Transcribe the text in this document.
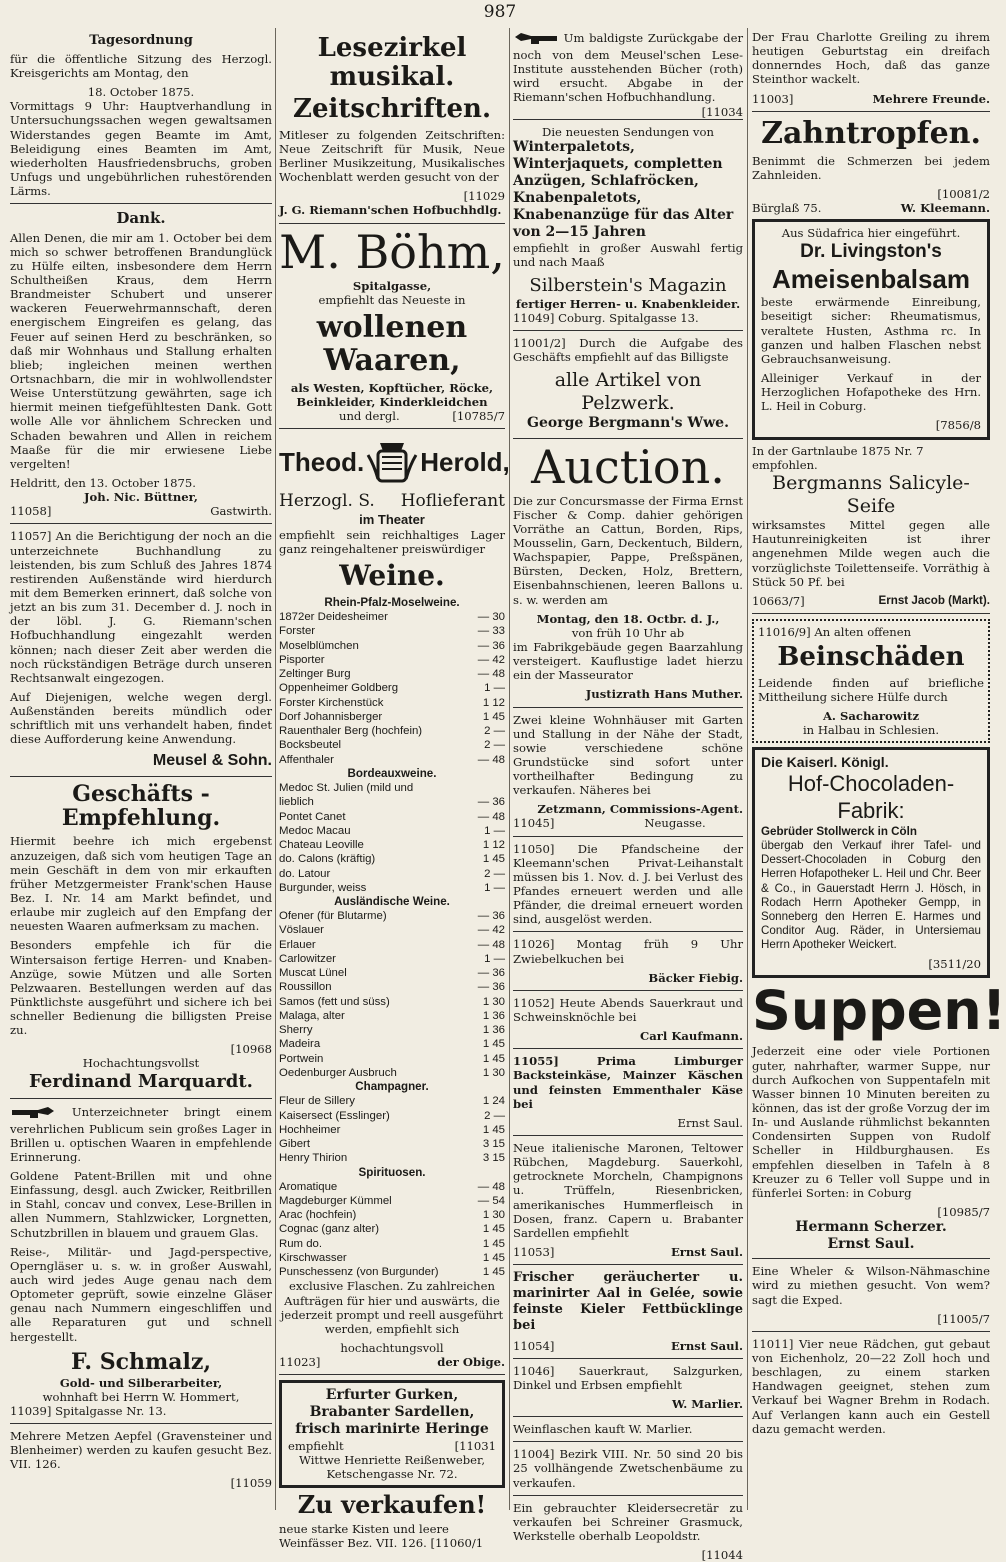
987
Tagesordnung

für die öffentliche Sitzung des Herzogl. Kreisgerichts am Montag, den

18. October 1875.

Vormittags 9 Uhr: Hauptverhandlung in Untersuchungssachen wegen gewaltsamen Widerstandes gegen Beamte im Amt, Beleidigung eines Beamten im Amt, wiederholten Hausfriedensbruchs, groben Unfugs und ungebührlichen ruhestörenden Lärms.

Dank.

Allen Denen, die mir am 1. October bei dem mich so schwer betroffenen Brandunglück zu Hülfe eilten, insbesondere dem Herrn Schultheißen Kraus, dem Herrn Brandmeister Schubert und unserer wackeren Feuerwehrmannschaft, deren energischem Eingreifen es gelang, das Feuer auf seinen Herd zu beschränken, so daß mir Wohnhaus und Stallung erhalten blieb; ingleichen meinen werthen Ortsnachbarn, die mir in wohlwollendster Weise Unterstützung gewährten, sage ich hiermit meinen tiefgefühltesten Dank. Gott wolle Alle vor ähnlichem Schrecken und Schaden bewahren und Allen in reichem Maaße für die mir erwiesene Liebe vergelten!

Heldritt, den 13. October 1875.
Joh. Nic. Büttner,
11058]	Gastwirth.

11057] An die Berichtigung der noch an die unterzeichnete Buchhandlung zu leistenden, bis zum Schluß des Jahres 1874 restirenden Außenstände wird hierdurch mit dem Bemerken erinnert, daß solche von jetzt an bis zum 31. December d. J. noch in der löbl. J. G. Riemann'schen Hofbuchhandlung eingezahlt werden können; nach dieser Zeit aber werden die noch rückständigen Beträge durch unseren Rechtsanwalt eingezogen.

Auf Diejenigen, welche wegen dergl. Außenständen bereits mündlich oder schriftlich mit uns verhandelt haben, findet diese Aufforderung keine Anwendung.

Meusel & Sohn.
Geschäfts - Empfehlung.

Hiermit beehre ich mich ergebenst anzuzeigen, daß sich vom heutigen Tage an mein Geschäft in dem von mir erkauften früher Metzgermeister Frank'schen Hause Bez. I. Nr. 14 am Markt befindet, und erlaube mir zugleich auf den Empfang der neuesten Waaren aufmerksam zu machen.

Besonders empfehle ich für die Wintersaison fertige Herren- und Knaben-Anzüge, sowie Mützen und alle Sorten Pelzwaaren. Bestellungen werden auf das Pünktlichste ausgeführt und sichere ich bei schneller Bedienung die billigsten Preise zu.

[10968
Hochachtungsvollst
Ferdinand Marquardt.

Unterzeichneter bringt einem verehrlichen Publicum sein großes Lager in Brillen u. optischen Waaren in empfehlende Erinnerung.

Goldene Patent-Brillen mit und ohne Einfassung, desgl. auch Zwicker, Reitbrillen in Stahl, concav und convex, Lese-Brillen in allen Nummern, Stahlzwicker, Lorgnetten, Schutzbrillen in blauem und grauem Glas.

Reise-, Militär- und Jagd-perspective, Operngläser u. s. w. in großer Auswahl, auch wird jedes Auge genau nach dem Optometer geprüft, sowie einzelne Gläser genau nach Nummern eingeschliffen und alle Reparaturen gut und schnell hergestellt.

F. Schmalz,
Gold- und Silberarbeiter,
wohnhaft bei Herrn W. Hommert,
11039] Spitalgasse Nr. 13.

Mehrere Metzen Aepfel (Gravensteiner und Blenheimer) werden zu kaufen gesucht Bez. VII. 126.

[11059
Lesezirkel musikal.
Zeitschriften.

Mitleser zu folgenden Zeitschriften: Neue Zeitschrift für Musik, Neue Berliner Musikzeitung, Musikalisches Wochenblatt werden gesucht von der

[11029
J. G. Riemann'schen Hofbuchhdlg.
M. Böhm,
Spitalgasse,
empfiehlt das Neueste in
wollenen Waaren,
als Westen, Kopftücher, Röcke, Beinkleider, Kinderkleidchen
und dergl.	[10785/7
Theod. Herold,
Herzogl. S. Hoflieferant
im Theater

empfiehlt sein reichhaltiges Lager ganz reingehaltener preiswürdiger

Weine.
Rhein-Pfalz-Moselweine.
1872er Deidesheimer	— 30
Forster	— 33
Moselblümchen	— 36
Pisporter	— 42
Zeltinger Burg	— 48
Oppenheimer Goldberg	1 —
Forster Kirchenstück	1 12
Dorf Johannisberger	1 45
Rauenthaler Berg (hochfein)	2 —
Bocksbeutel	2 —
Affenthaler	— 48
Bordeauxweine.
Medoc St. Julien (mild und
lieblich	— 36
Pontet Canet	— 48
Medoc Macau	1 —
Chateau Leoville	1 12
do. Calons (kräftig)	1 45
do. Latour	2 —
Burgunder, weiss	1 —
Ausländische Weine.
Ofener (für Blutarme)	— 36
Vöslauer	— 42
Erlauer	— 48
Carlowitzer	1 —
Muscat Lünel	— 36
Roussillon	— 36
Samos (fett und süss)	1 30
Malaga, alter	1 36
Sherry	1 36
Madeira	1 45
Portwein	1 45
Oedenburger Ausbruch	1 30
Champagner.
Fleur de Sillery	1 24
Kaisersect (Esslinger)	2 —
Hochheimer	1 45
Gibert	3 15
Henry Thirion	3 15
Spirituosen.
Aromatique	— 48
Magdeburger Kümmel	— 54
Arac (hochfein)	1 30
Cognac (ganz alter)	1 45
Rum do.	1 45
Kirschwasser	1 45
Punschessenz (von Burgunder)	1 45

exclusive Flaschen. Zu zahlreichen Aufträgen für hier und auswärts, die jederzeit prompt und reell ausgeführt werden, empfiehlt sich

hochachtungsvoll
11023]	der Obige.
Erfurter Gurken, Brabanter Sardellen, frisch marinirte Heringe
empfiehlt	[11031
Wittwe Henriette Reißenweber, Ketschengasse Nr. 72.
Zu verkaufen!
neue starke Kisten und leere Weinfässer Bez. VII. 126. [11060/1

Um baldigste Zurückgabe der noch von dem Meusel'schen Lese-Institute ausstehenden Bücher (roth) wird ersucht. Abgabe in der Riemann'schen Hofbuchhandlung.
[11034

Die neuesten Sendungen von
Winterpaletots, Winterjaquets, completten Anzügen, Schlafröcken, Knabenpaletots, Knabenanzüge für das Alter von 2—15 Jahren

empfiehlt in großer Auswahl fertig und nach Maaß

Silberstein's Magazin
fertiger Herren- u. Knabenkleider.
11049] Coburg. Spitalgasse 13.

11001/2] Durch die Aufgabe des Geschäfts empfiehlt auf das Billigste

alle Artikel von Pelzwerk.
George Bergmann's Wwe.
Auction.

Die zur Concursmasse der Firma Ernst Fischer & Comp. dahier gehörigen Vorräthe an Cattun, Borden, Rips, Mousselin, Garn, Deckentuch, Bildern, Wachspapier, Pappe, Preßspänen, Bürsten, Decken, Holz, Brettern, Eisenbahnschienen, leeren Ballons u. s. w. werden am

Montag, den 18. Octbr. d. J.,
von früh 10 Uhr ab

im Fabrikgebäude gegen Baarzahlung versteigert. Kauflustige ladet hierzu ein der Masseurator

Justizrath Hans Muther.

Zwei kleine Wohnhäuser mit Garten und Stallung in der Nähe der Stadt, sowie verschiedene schöne Grundstücke sind sofort unter vortheilhafter Bedingung zu verkaufen. Näheres bei

Zetzmann, Commissions-Agent.
11045]	Neugasse.

11050] Die Pfandscheine der Kleemann'schen Privat-Leihanstalt müssen bis 1. Nov. d. J. bei Verlust des Pfandes erneuert werden und alle Pfänder, die dreimal erneuert worden sind, ausgelöst werden.

11026] Montag früh 9 Uhr Zwiebelkuchen bei

Bäcker Fiebig.

11052] Heute Abends Sauerkraut und Schweinsknöchle bei

Carl Kaufmann.

11055] Prima Limburger Backsteinkäse, Mainzer Käschen und feinsten Emmenthaler Käse bei

Ernst Saul.

Neue italienische Maronen, Teltower Rübchen, Magdeburg. Sauerkohl, getrocknete Morcheln, Champignons u. Trüffeln, Riesenbricken, amerikanisches Hummerfleisch in Dosen, franz. Capern u. Brabanter Sardellen empfiehlt

11053]	Ernst Saul.

Frischer geräucherter u. marinirter Aal in Gelée, sowie feinste Kieler Fettbücklinge bei

11054]	Ernst Saul.

11046] Sauerkraut, Salzgurken, Dinkel und Erbsen empfiehlt

W. Marlier.

Weinflaschen kauft W. Marlier.

11004] Bezirk VIII. Nr. 50 sind 20 bis 25 vollhängende Zwetschenbäume zu verkaufen.

Ein gebrauchter Kleidersecretär zu verkaufen bei Schreiner Grasmuck, Werkstelle oberhalb Leopoldstr.

[11044

Der Frau Charlotte Greiling zu ihrem heutigen Geburtstag ein dreifach donnerndes Hoch, daß das ganze Steinthor wackelt.

11003]	Mehrere Freunde.
Zahntropfen.

Benimmt die Schmerzen bei jedem Zahnleiden.

[10081/2
Bürglaß 75.	W. Kleemann.
Aus Südafrica hier eingeführt.
Dr. Livingston's
Ameisenbalsam

beste erwärmende Einreibung, beseitigt sicher: Rheumatismus, veraltete Husten, Asthma rc. In ganzen und halben Flaschen nebst Gebrauchsanweisung.

Alleiniger Verkauf in der Herzoglichen Hofapotheke des Hrn. L. Heil in Coburg.

[7856/8
In der Gartnlaube 1875 Nr. 7 empfohlen.
Bergmanns Salicyle-Seife

wirksamstes Mittel gegen alle Hautunreinigkeiten ist ihrer angenehmen Milde wegen auch die vorzüglichste Toilettenseife. Vorräthig à Stück 50 Pf. bei

10663/7]	Ernst Jacob (Markt).
11016/9] An alten offenen
Beinschäden

Leidende finden auf briefliche Mittheilung sichere Hülfe durch

A. Sacharowitz
in Halbau in Schlesien.
Die Kaiserl. Königl.
Hof-Chocoladen-Fabrik:
Gebrüder Stollwerck in Cöln

übergab den Verkauf ihrer Tafel- und Dessert-Chocoladen in Coburg den Herren Hofapotheker L. Heil und Chr. Beer & Co., in Gauerstadt Herrn J. Hösch, in Rodach Herrn Apotheker Gempp, in Sonneberg den Herren E. Harmes und Conditor Aug. Räder, in Untersiemau Herrn Apotheker Weickert.

[3511/20
Suppen!

Jederzeit eine oder viele Portionen guter, nahrhafter, warmer Suppe, nur durch Aufkochen von Suppentafeln mit Wasser binnen 10 Minuten bereiten zu können, das ist der große Vorzug der im In- und Auslande rühmlichst bekannten Condensirten Suppen von Rudolf Scheller in Hildburghausen. Es empfehlen dieselben in Tafeln à 8 Kreuzer zu 6 Teller voll Suppe und in fünferlei Sorten: in Coburg

[10985/7
Hermann Scherzer.
Ernst Saul.

Eine Wheler & Wilson-Nähmaschine wird zu miethen gesucht. Von wem? sagt die Exped.

[11005/7

11011] Vier neue Rädchen, gut gebaut von Eichenholz, 20—22 Zoll hoch und beschlagen, zu einem starken Handwagen geeignet, stehen zum Verkauf bei Wagner Brehm in Rodach. Auf Verlangen kann auch ein Gestell dazu gemacht werden.
